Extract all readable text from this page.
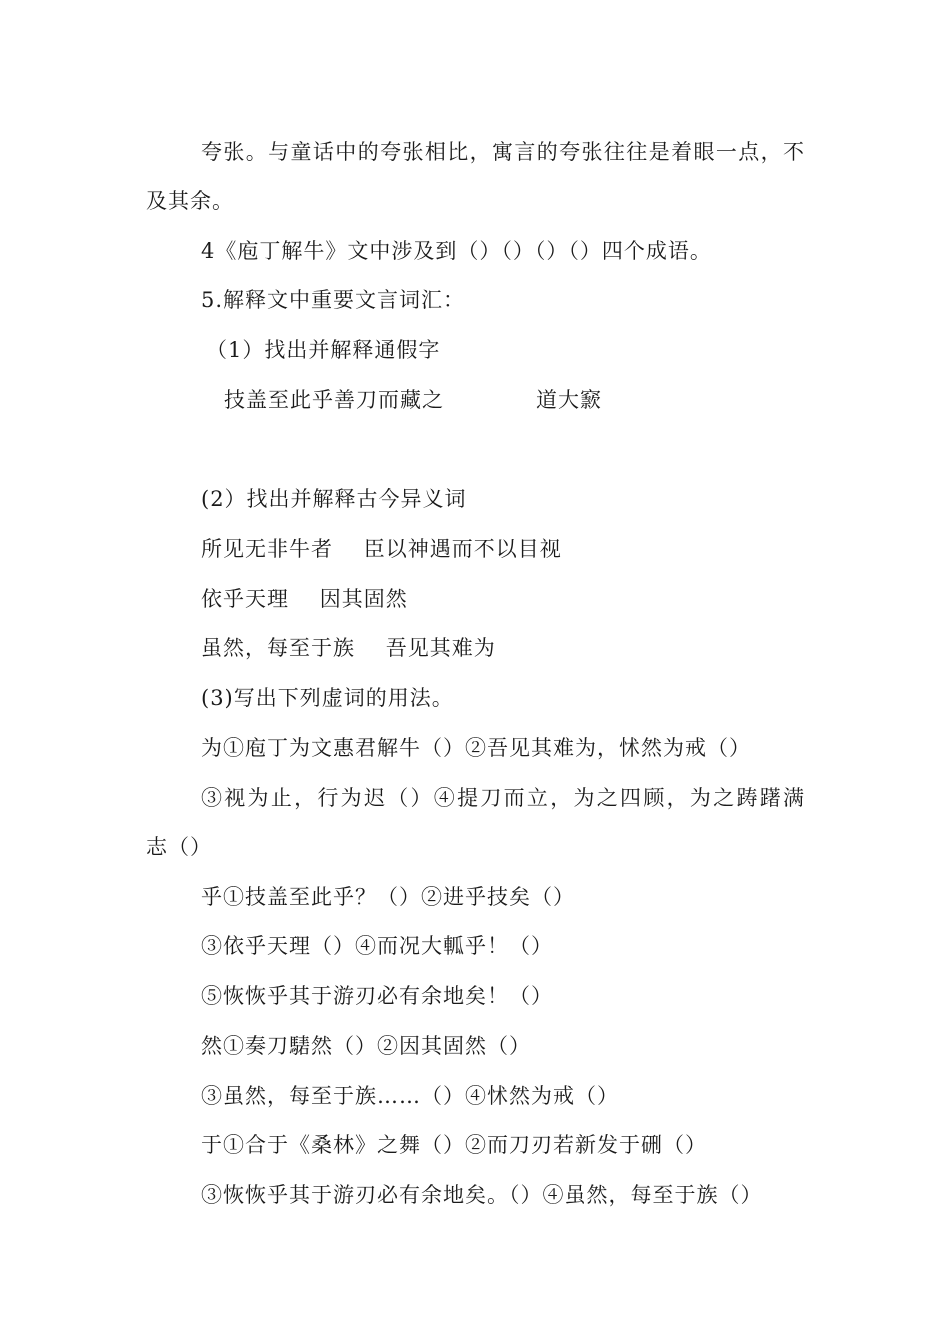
夸张。与童话中的夸张相比，寓言的夸张往往是着眼一点，不
及其余。
4《庖丁解牛》文中涉及到（）（）（）（）四个成语。
5.解释文中重要文言词汇：
（1）找出并解释通假字
技盖至此乎善刀而藏之	道大窾
(2）找出并解释古今异义词
所见无非牛者    臣以神遇而不以目视
依乎天理    因其固然
虽然，每至于族    吾见其难为
(3)写出下列虚词的用法。
为①庖丁为文惠君解牛（）②吾见其难为，怵然为戒（）
③视为止，行为迟（）④提刀而立，为之四顾，为之踌躇满
志（）
乎①技盖至此乎？（）②进乎技矣（）
③依乎天理（）④而况大軱乎！（）
⑤恢恢乎其于游刃必有余地矣！（）
然①奏刀騞然（）②因其固然（）
③虽然，每至于族……（）④怵然为戒（）
于①合于《桑林》之舞（）②而刀刃若新发于硎（）
③恢恢乎其于游刃必有余地矣。（）④虽然，每至于族（）
